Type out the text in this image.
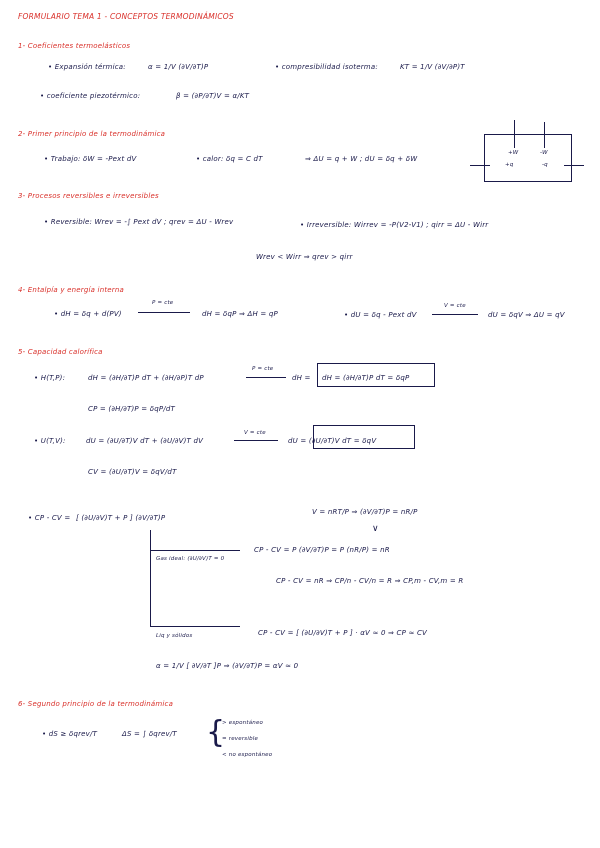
FORMULARIO TEMA 1 - CONCEPTOS TERMODINÁMICOS
1- Coeficientes termoelásticos
• Expansión térmica:	α = 1/V (∂V/∂T)P	• compresibilidad isoterma:	KT = 1/V (∂V/∂P)T
• coeficiente piezotérmico:	β = (∂P/∂T)V = α/KT
2- Primer principio de la termodinámica
• Trabajo: δW = -Pext dV	• calor: δq = C dT	⇒ ΔU = q + W ; dU = δq + δW
+W	-W
+q	-q
3- Procesos reversibles e irreversibles
• Reversible: Wrev = -∫ Pext dV ; qrev = ΔU - Wrev	• Irreversible: Wirrev = -P(V2-V1) ; qirr = ΔU - Wirr
Wrev < Wirr ⇒ qrev > qirr
4- Entalpía y energía interna
• dH = δq + d(PV)
P = cte
dH = δqP ⇒ ΔH = qP	• dU = δq - Pext dV
V = cte
dU = δqV ⇒ ΔU = qV
5- Capacidad calorífica
• H(T,P):	dH = (∂H/∂T)P dT + (∂H/∂P)T dP
P = cte
dH = dH = (∂H/∂T)P dT = δqP
CP = (∂H/∂T)P = δqP/dT
• U(T,V):	dU = (∂U/∂T)V dT + (∂U/∂V)T dV
V = cte
dU = (∂U/∂T)V dT = δqV
CV = (∂U/∂T)V = δqV/dT
• CP - CV = [ (∂U/∂V)T + P ] (∂V/∂T)P
V = nRT/P ⇒ (∂V/∂T)P = nR/P
∨
Gas ideal: (∂U/∂V)T = 0
CP - CV = P (∂V/∂T)P = P (nR/P) = nR
CP - CV = nR ⇒ CP/n - CV/n = R ⇒ CP,m - CV,m = R
Liq y sólidos	CP - CV = [ (∂U/∂V)T + P ] · αV ≈ 0 ⇒ CP ≈ CV
α = 1/V [ ∂V/∂T ]P ⇒ (∂V/∂T)P = αV ≈ 0
6- Segundo principio de la termodinámica
• dS ≥ δqrev/T	ΔS = ∫ δqrev/T {
> espontáneo
= reversible
< no espontáneo
